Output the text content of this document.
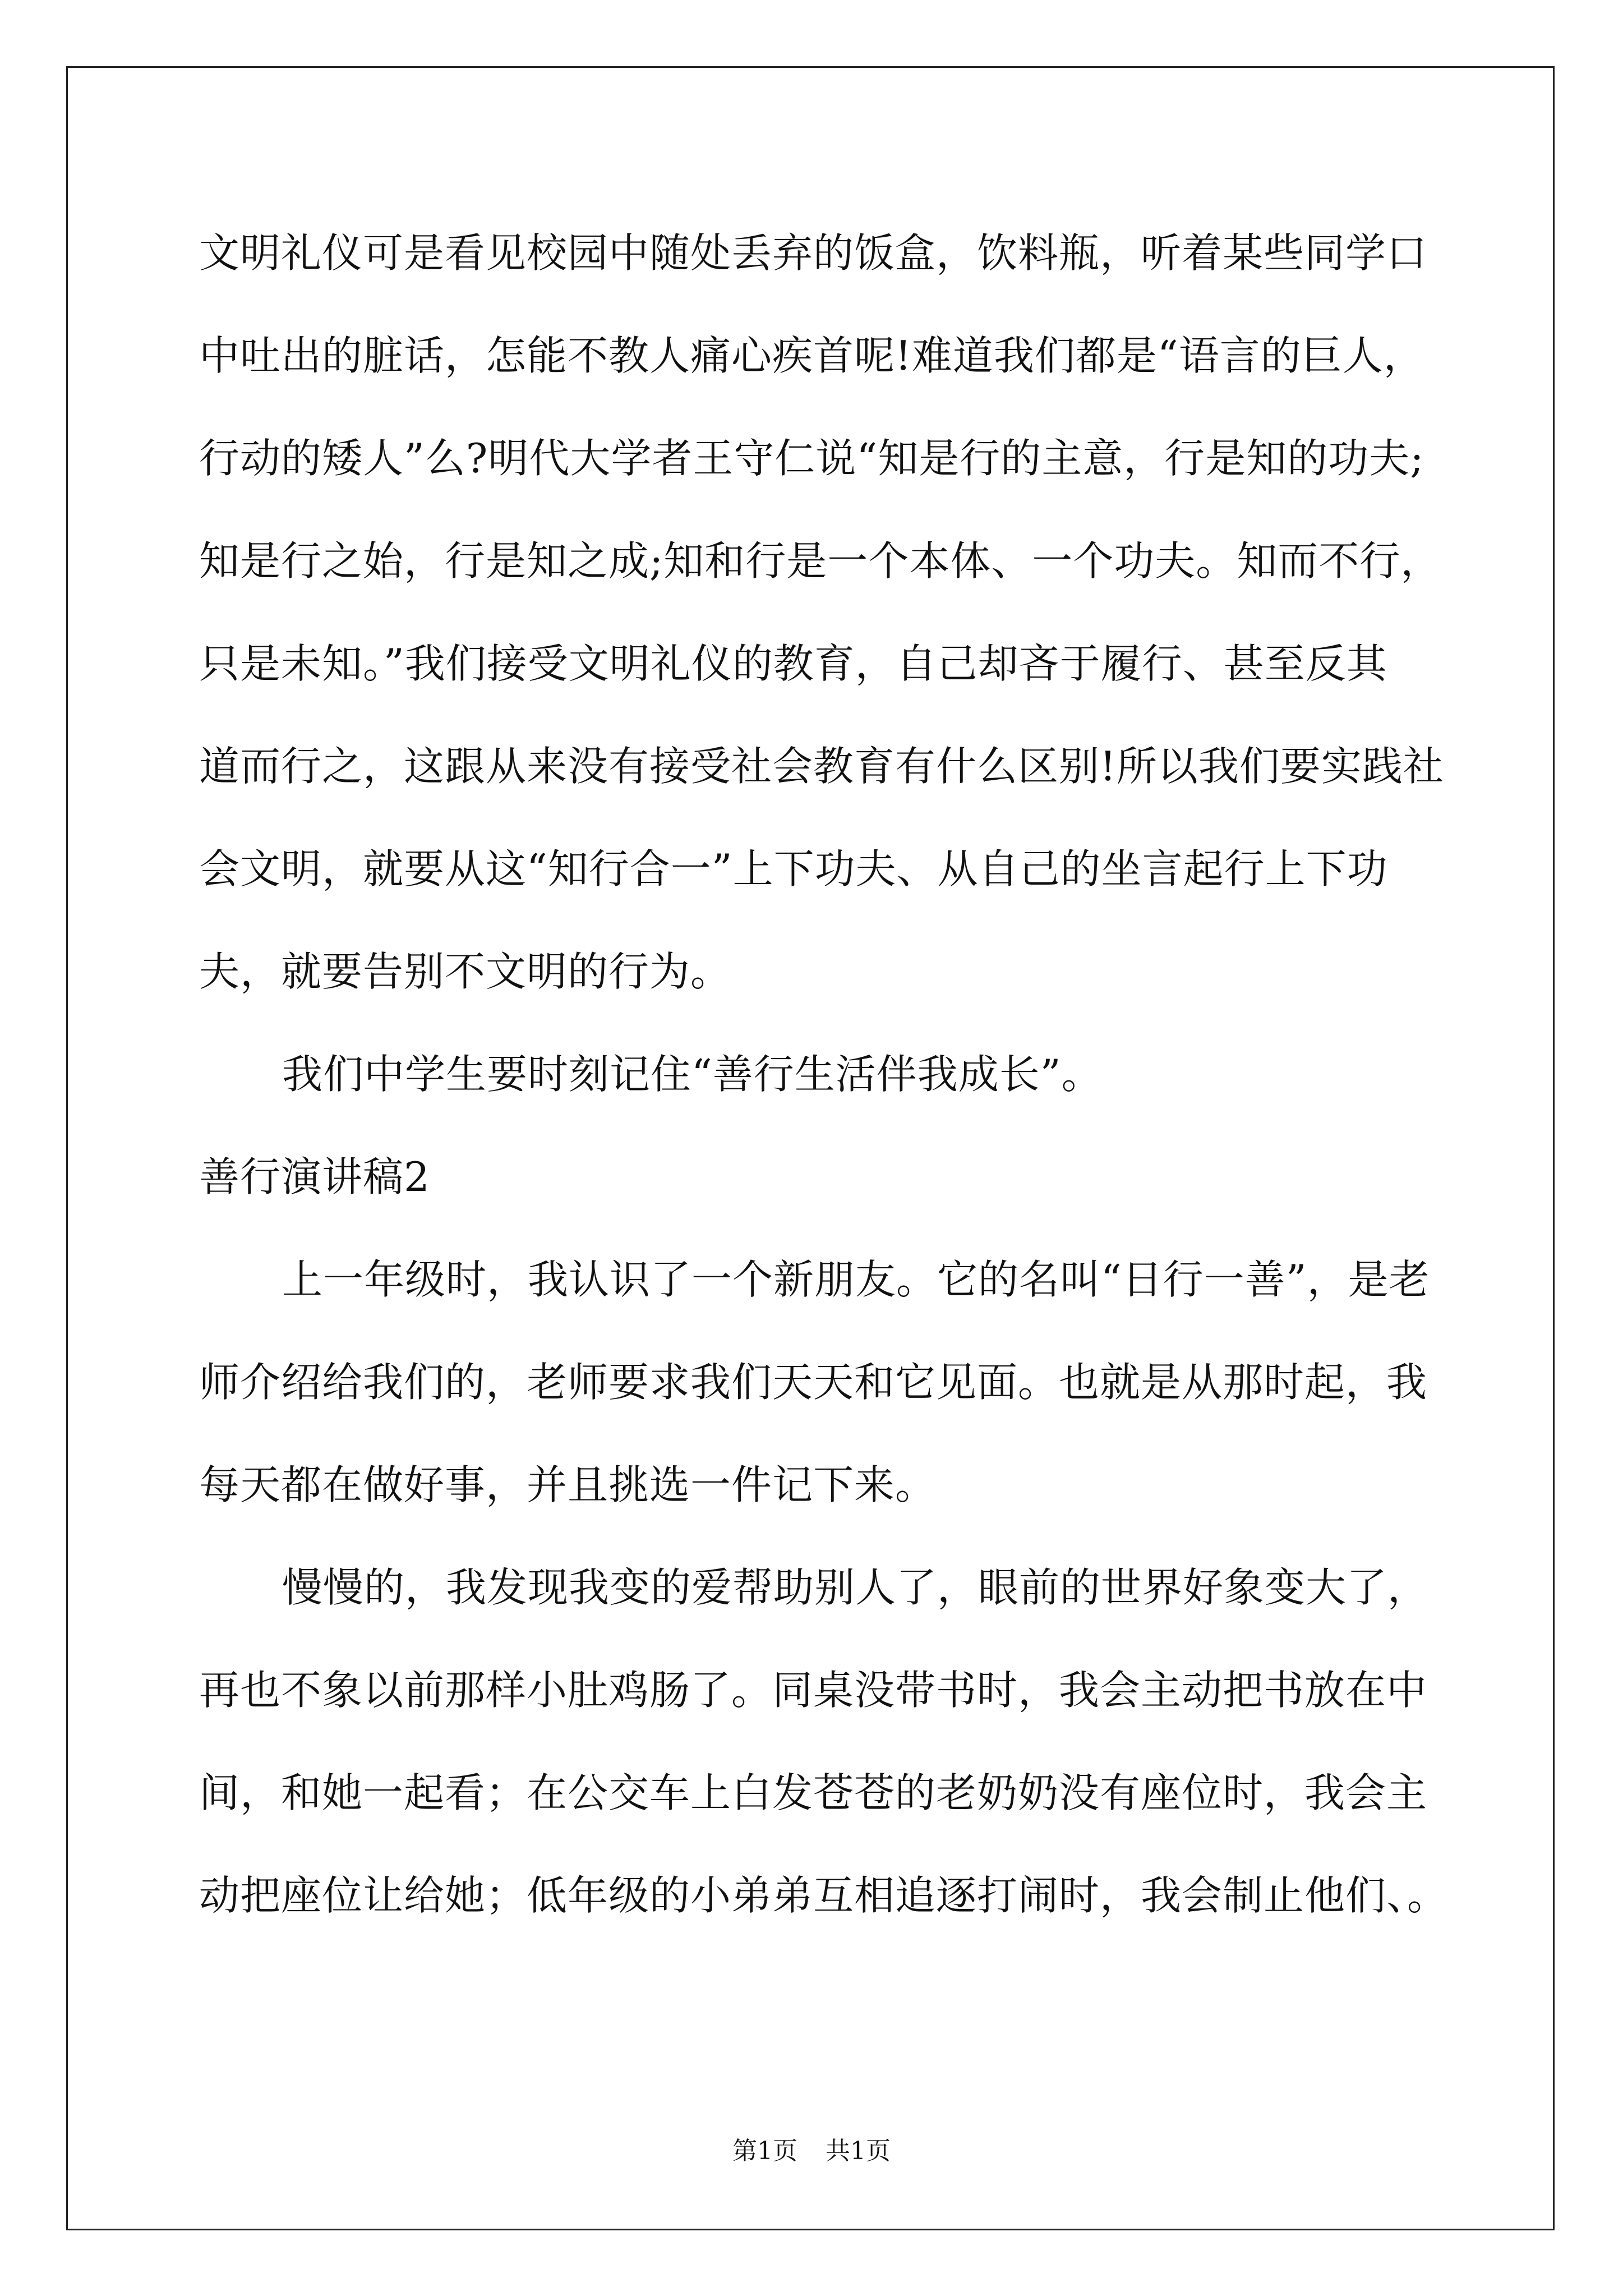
文明礼仪可是看见校园中随处丢弃的饭盒，饮料瓶，听着某些同学口
中吐出的脏话，怎能不教人痛心疾首呢!难道我们都是“语言的巨人，
行动的矮人”么?明代大学者王守仁说“知是行的主意，行是知的功夫;
知是行之始，行是知之成;知和行是一个本体、一个功夫。知而不行，
只是未知。”我们接受文明礼仪的教育，自己却吝于履行、甚至反其
道而行之，这跟从来没有接受社会教育有什么区别!所以我们要实践社
会文明，就要从这“知行合一”上下功夫、从自己的坐言起行上下功
夫，就要告别不文明的行为。
我们中学生要时刻记住“善行生活伴我成长”。
善行演讲稿2
上一年级时，我认识了一个新朋友。它的名叫“日行一善”，是老
师介绍给我们的，老师要求我们天天和它见面。也就是从那时起，我
每天都在做好事，并且挑选一件记下来。
慢慢的，我发现我变的爱帮助别人了，眼前的世界好象变大了，
再也不象以前那样小肚鸡肠了。同桌没带书时，我会主动把书放在中
间，和她一起看；在公交车上白发苍苍的老奶奶没有座位时，我会主
动把座位让给她；低年级的小弟弟互相追逐打闹时，我会制止他们、。
第1页 共1页
